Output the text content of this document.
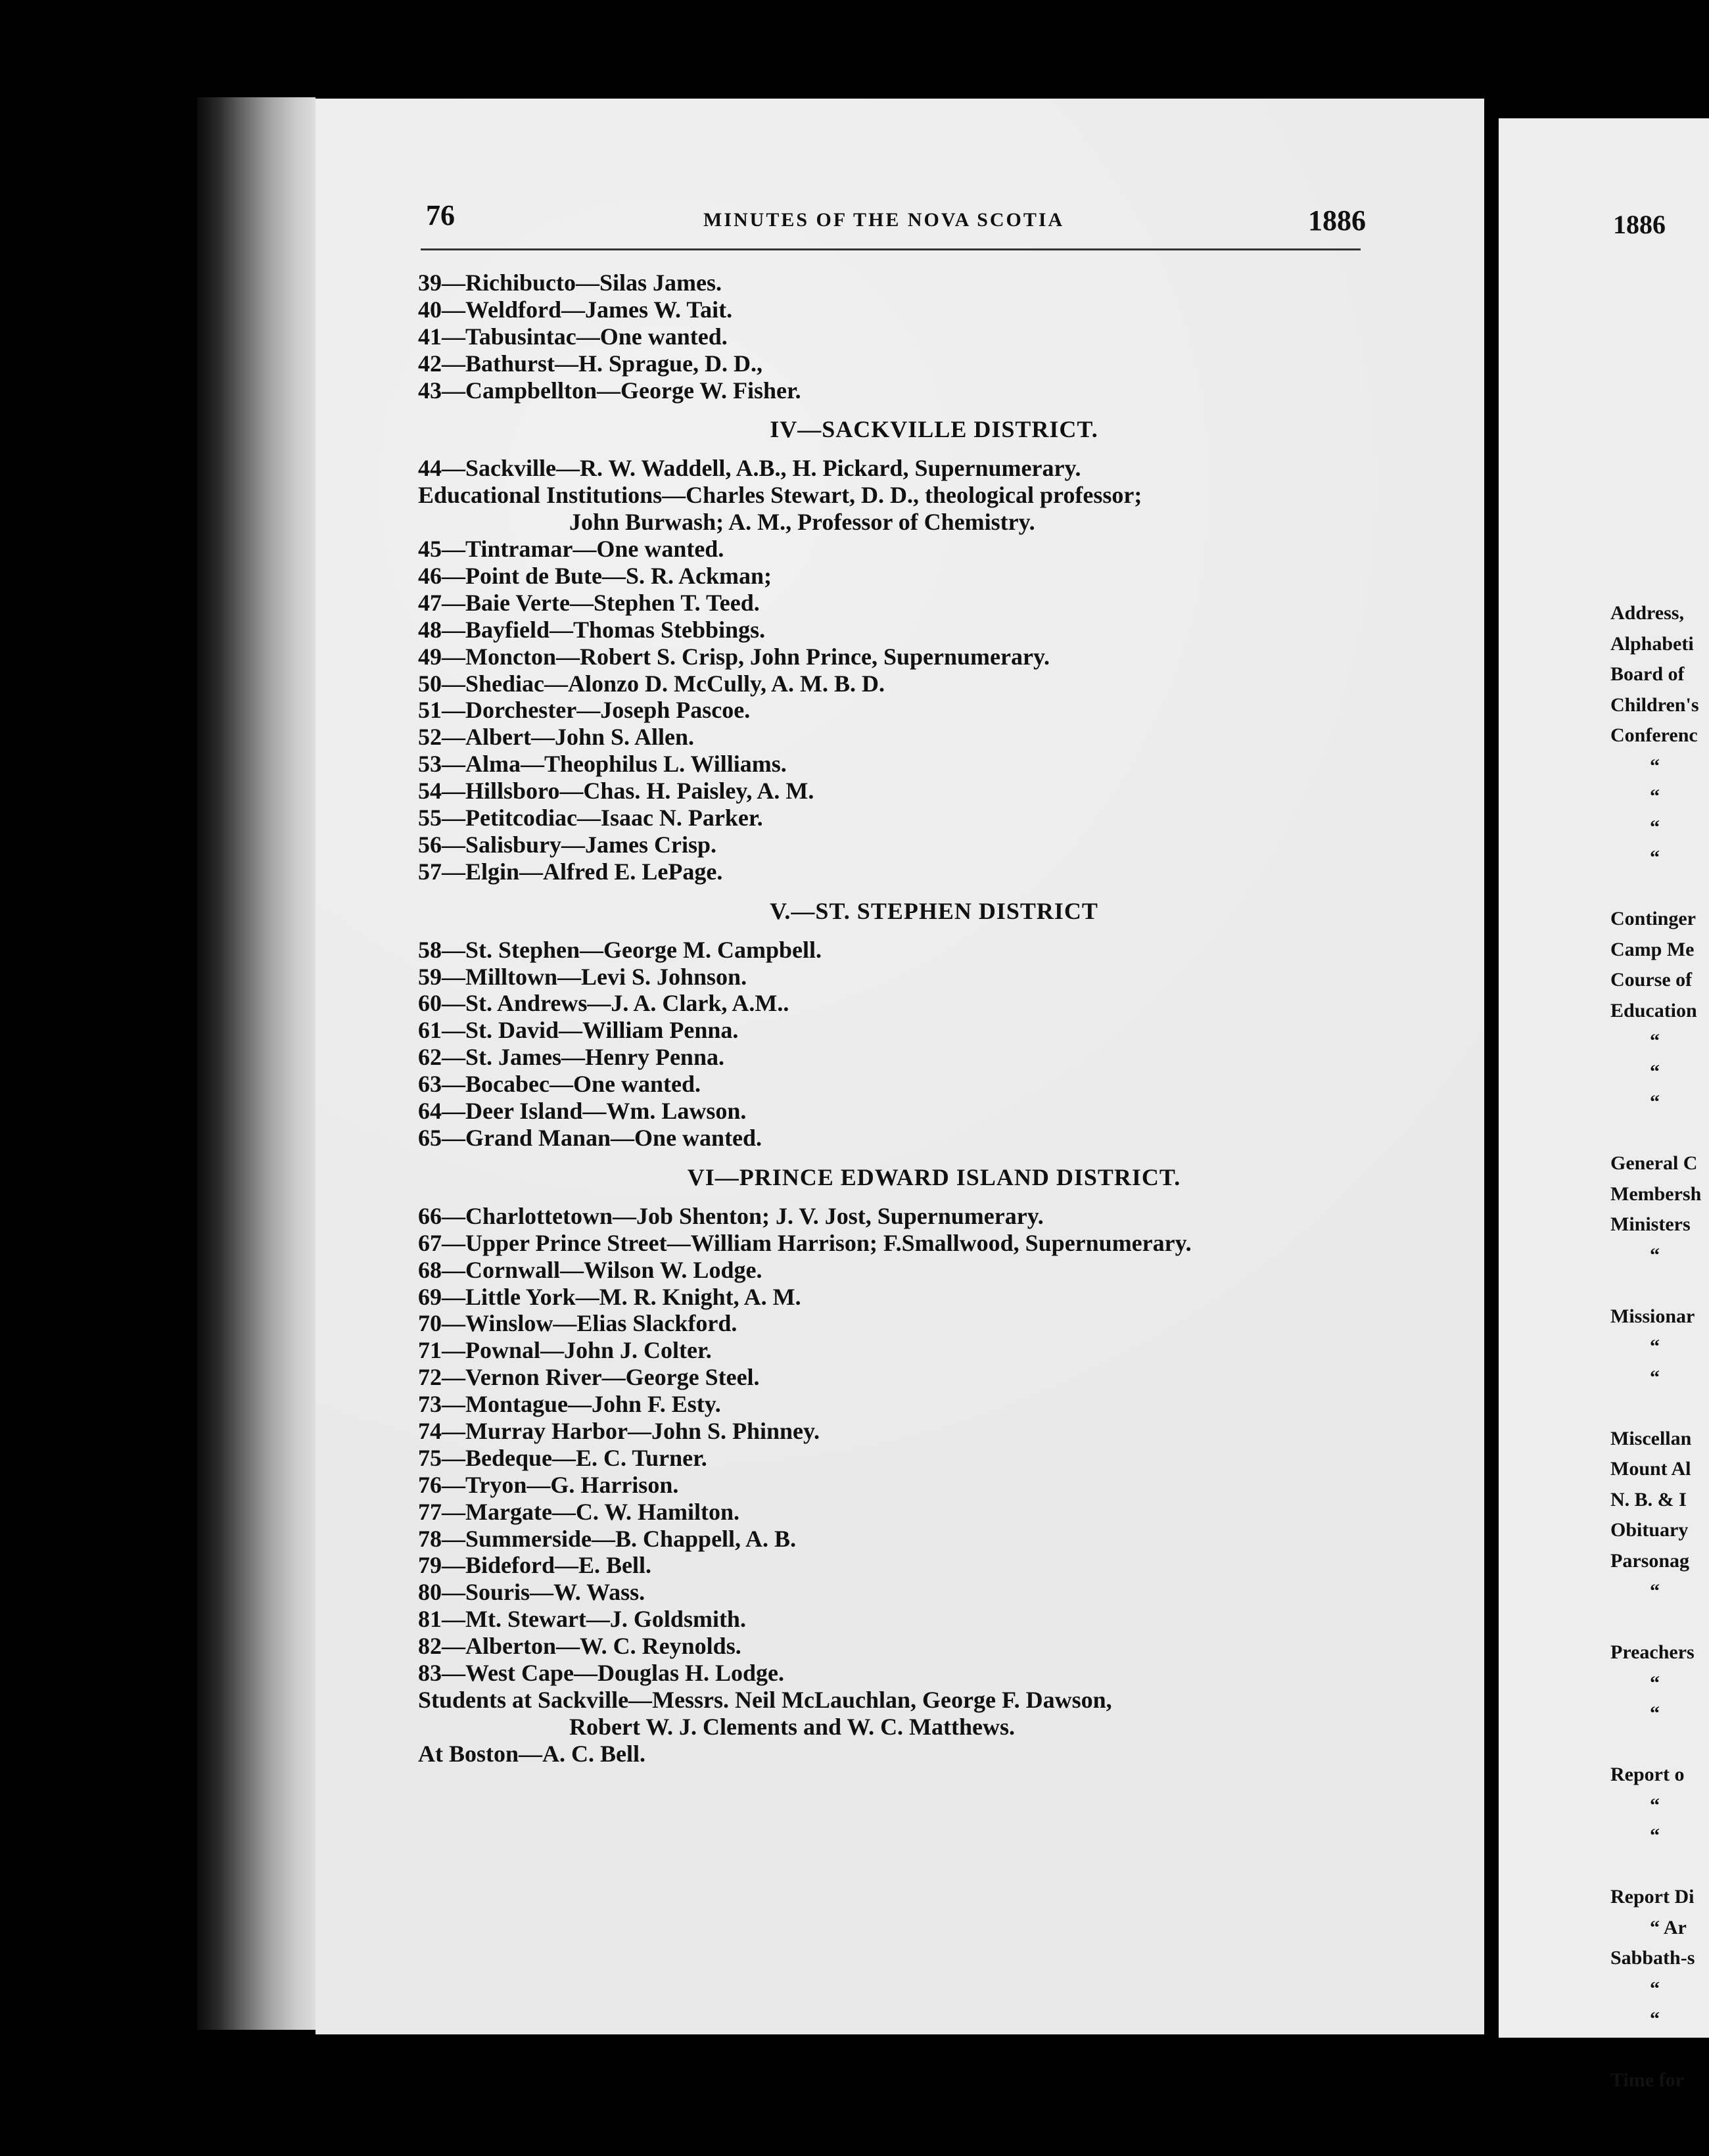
76	MINUTES OF THE NOVA SCOTIA	1886	1886
39—Richibucto—Silas James.
40—Weldford—James W. Tait.
41—Tabusintac—One wanted.
42—Bathurst—H. Sprague, D. D.,
43—Campbellton—George W. Fisher.
IV—SACKVILLE DISTRICT.
44—Sackville—R. W. Waddell, A.B., H. Pickard, Supernumerary.
Educational Institutions—Charles Stewart, D. D., theological professor;
John Burwash; A. M., Professor of Chemistry.
45—Tintramar—One wanted.
46—Point de Bute—S. R. Ackman;
47—Baie Verte—Stephen T. Teed.
48—Bayfield—Thomas Stebbings.
49—Moncton—Robert S. Crisp, John Prince, Supernumerary.
50—Shediac—Alonzo D. McCully, A. M. B. D.
51—Dorchester—Joseph Pascoe.
52—Albert—John S. Allen.
53—Alma—Theophilus L. Williams.
54—Hillsboro—Chas. H. Paisley, A. M.
55—Petitcodiac—Isaac N. Parker.
56—Salisbury—James Crisp.
57—Elgin—Alfred E. LePage.
V.—ST. STEPHEN DISTRICT
58—St. Stephen—George M. Campbell.
59—Milltown—Levi S. Johnson.
60—St. Andrews—J. A. Clark, A.M..
61—St. David—William Penna.
62—St. James—Henry Penna.
63—Bocabec—One wanted.
64—Deer Island—Wm. Lawson.
65—Grand Manan—One wanted.
VI—PRINCE EDWARD ISLAND DISTRICT.
66—Charlottetown—Job Shenton; J. V. Jost, Supernumerary.
67—Upper Prince Street—William Harrison; F.Smallwood, Supernumerary.
68—Cornwall—Wilson W. Lodge.
69—Little York—M. R. Knight, A. M.
70—Winslow—Elias Slackford.
71—Pownal—John J. Colter.
72—Vernon River—George Steel.
73—Montague—John F. Esty.
74—Murray Harbor—John S. Phinney.
75—Bedeque—E. C. Turner.
76—Tryon—G. Harrison.
77—Margate—C. W. Hamilton.
78—Summerside—B. Chappell, A. B.
79—Bideford—E. Bell.
80—Souris—W. Wass.
81—Mt. Stewart—J. Goldsmith.
82—Alberton—W. C. Reynolds.
83—West Cape—Douglas H. Lodge.
Students at Sackville—Messrs. Neil McLauchlan, George F. Dawson,
Robert W. J. Clements and W. C. Matthews.
At Boston—A. C. Bell.
Address,
Alphabeti
Board of
Children's
Conferenc
“
“
“
“
Continger
Camp Me
Course of
Education
“
“
“
General C
Membersh
Ministers
“
Missionar
“
“
Miscellan
Mount Al
N. B. & I
Obituary
Parsonag
“
Preachers
“
“
Report o
“
“
Report Di
“ Ar
Sabbath-s
“
“
Time for
